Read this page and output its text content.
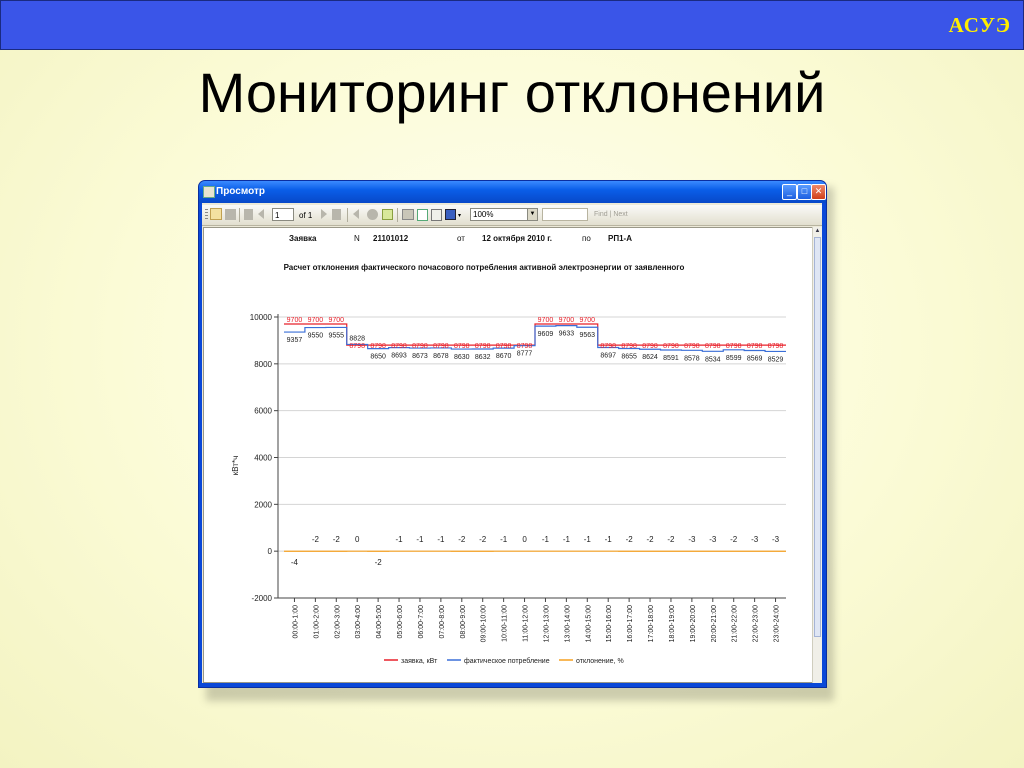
АСУЭ
Мониторинг отклонений
Просмотр	_	□ ✕
1	of 1	▾	100%	▼	Find | Next
Заявка	N 21101012	от 12 октября 2010 г.	по РП1-А
Расчет отклонения фактического почасового потребления активной электроэнергии от заявленного
-2000
0
2000
4000
6000
8000
10000
кВт*ч
00:00-1:00 01:00-2:00 02:00-3:00 03:00-4:00 04:00-5:00 05:00-6:00 06:00-7:00 07:00-8:00 08:00-9:00 09:00-10:00 10:00-11:00 11:00-12:00 12:00-13:00 13:00-14:00 14:00-15:00 15:00-16:00 16:00-17:00 17:00-18:00 18:00-19:00 19:00-20:00 20:00-21:00 21:00-22:00 22:00-23:00 23:00-24:00
9700 9700 9700
8798 8798 8798 8798 8798 8798 8798 8798 8798
9700 9700 9700
8798 8798 8798 8798 8798 8798 8798 8798 8798
9357
9550 9555 8828
8650 8693 8673 8678 8630 8632 8670 8777
9609 9633 9563
8697 8655 8624 8591 8578 8534 8599 8569 8529
-4
-2 -2 0
-2
-1 -1 -1 -2 -2 -1 0 -1 -1 -1 -1 -2 -2 -2 -3 -3 -2 -3 -3
заявка, кВт	фактическое потребление	отклонение, %
▲
